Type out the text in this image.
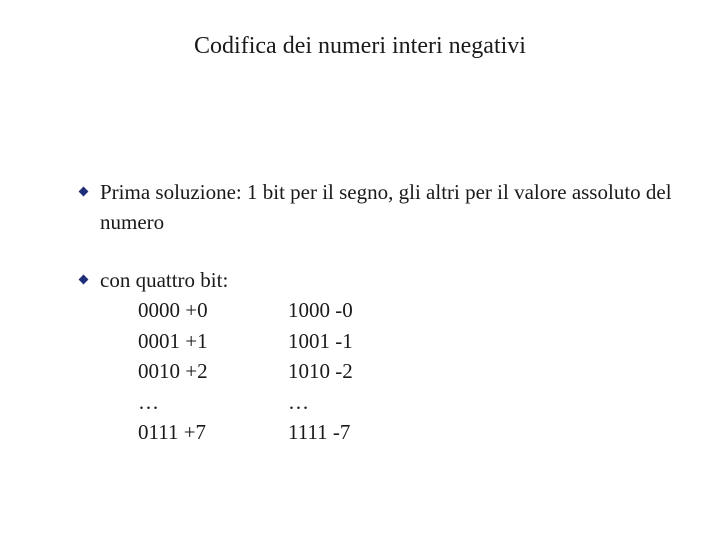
Codifica dei numeri interi negativi
Prima soluzione: 1 bit per il segno, gli altri per il valore assoluto del numero
con quattro bit:
0000 +0	1000 -0
0001 +1	1001 -1
0010 +2	1010 -2
…	…
0111 +7	1111 -7
